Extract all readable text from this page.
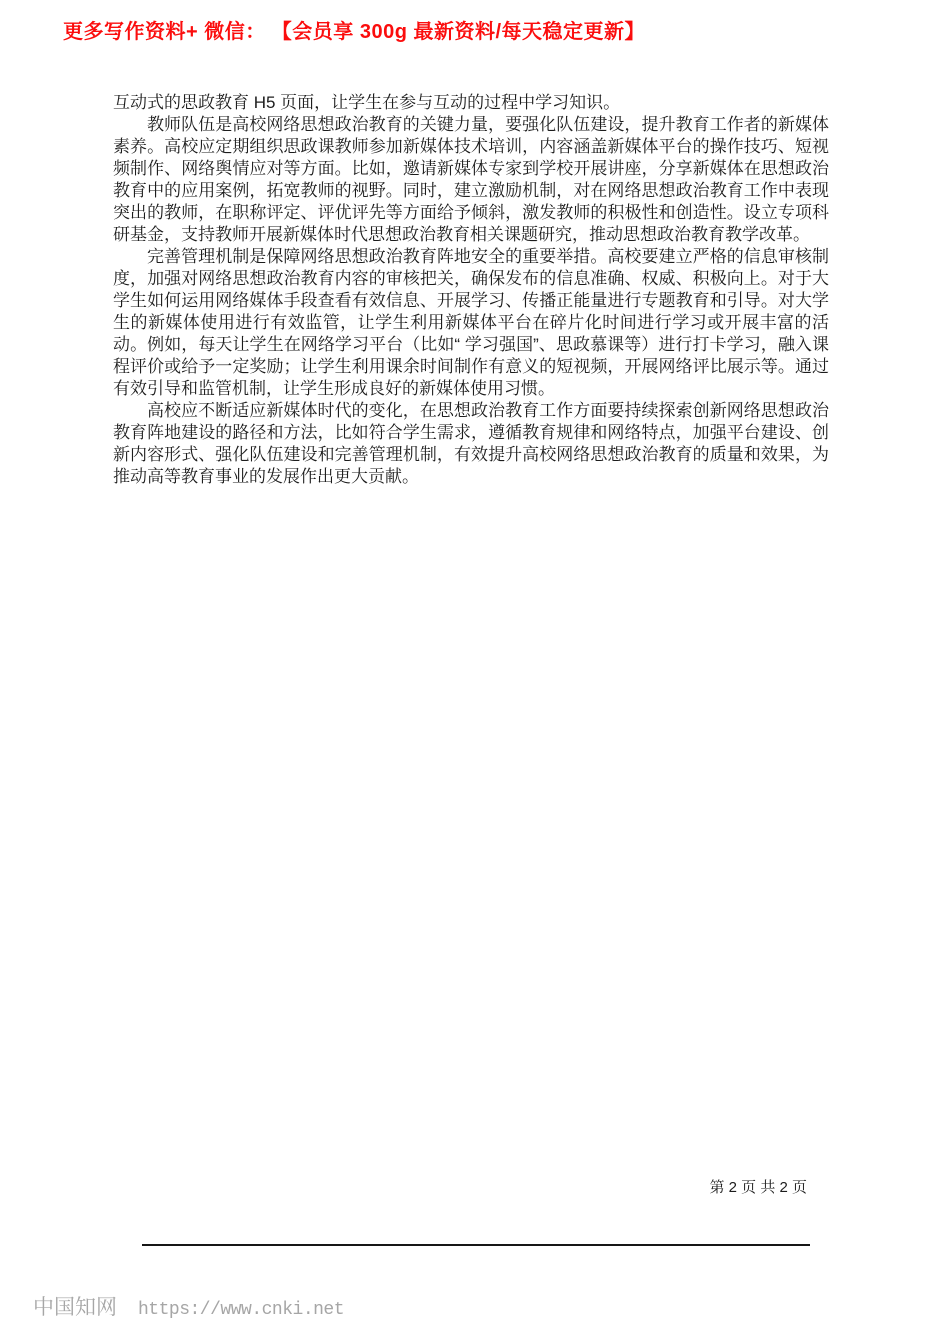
更多写作资料+ 微信： 【会员享 300g 最新资料/每天稳定更新】

互动式的思政教育 H5 页面，让学生在参与互动的过程中学习知识。

教师队伍是高校网络思想政治教育的关键力量，要强化队伍建设，提升教育工作者的新媒体素养。高校应定期组织思政课教师参加新媒体技术培训，内容涵盖新媒体平台的操作技巧、短视频制作、网络舆情应对等方面。比如，邀请新媒体专家到学校开展讲座，分享新媒体在思想政治教育中的应用案例，拓宽教师的视野。同时，建立激励机制，对在网络思想政治教育工作中表现突出的教师，在职称评定、评优评先等方面给予倾斜，激发教师的积极性和创造性。设立专项科研基金，支持教师开展新媒体时代思想政治教育相关课题研究，推动思想政治教育教学改革。

完善管理机制是保障网络思想政治教育阵地安全的重要举措。高校要建立严格的信息审核制度，加强对网络思想政治教育内容的审核把关，确保发布的信息准确、权威、积极向上。对于大学生如何运用网络媒体手段查看有效信息、开展学习、传播正能量进行专题教育和引导。对大学生的新媒体使用进行有效监管，让学生利用新媒体平台在碎片化时间进行学习或开展丰富的活动。例如，每天让学生在网络学习平台（比如“ 学习强国”、思政慕课等）进行打卡学习，融入课程评价或给予一定奖励；让学生利用课余时间制作有意义的短视频，开展网络评比展示等。通过有效引导和监管机制，让学生形成良好的新媒体使用习惯。

高校应不断适应新媒体时代的变化，在思想政治教育工作方面要持续探索创新网络思想政治教育阵地建设的路径和方法，比如符合学生需求，遵循教育规律和网络特点，加强平台建设、创新内容形式、强化队伍建设和完善管理机制，有效提升高校网络思想政治教育的质量和效果，为推动高等教育事业的发展作出更大贡献。

第 2 页 共 2 页
中国知网 https://www.cnki.net
